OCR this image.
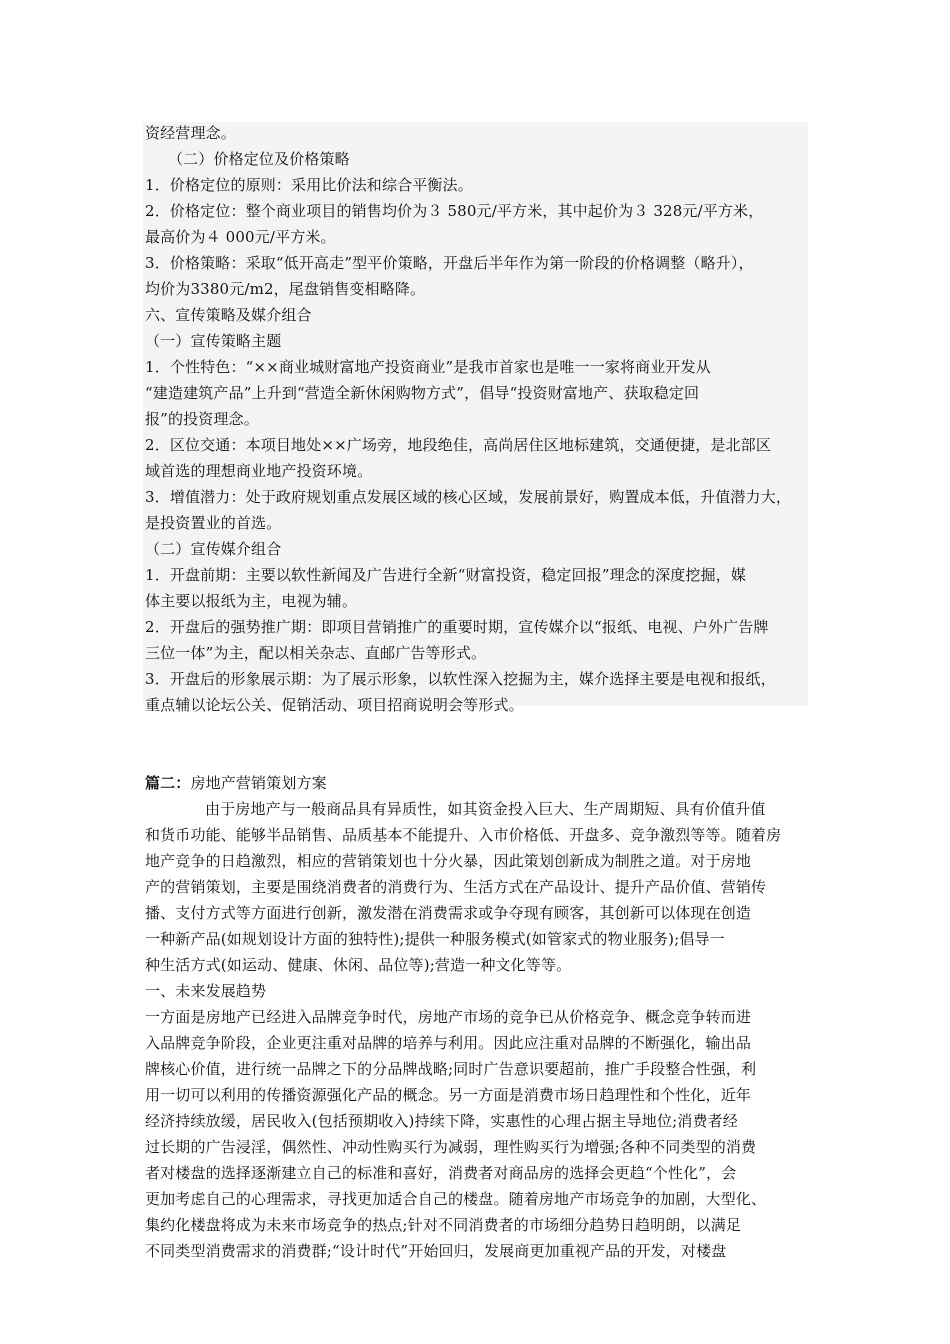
资经营理念。
（二）价格定位及价格策略
1．价格定位的原则：采用比价法和综合平衡法。
2．价格定位：整个商业项目的销售均价为３ 580元/平方米，其中起价为３ 328元/平方米，
最高价为４ 000元/平方米。
3．价格策略：采取“低开高走”型平价策略，开盘后半年作为第一阶段的价格调整（略升），
均价为3380元/m2，尾盘销售变相略降。
六、宣传策略及媒介组合
（一）宣传策略主题
1．个性特色：“××商业城财富地产投资商业”是我市首家也是唯一一家将商业开发从
“建造建筑产品”上升到“营造全新休闲购物方式”，倡导“投资财富地产、获取稳定回
报”的投资理念。
2．区位交通：本项目地处××广场旁，地段绝佳，高尚居住区地标建筑，交通便捷，是北部区
域首选的理想商业地产投资环境。
3．增值潜力：处于政府规划重点发展区域的核心区域，发展前景好，购置成本低，升值潜力大，
是投资置业的首选。
（二）宣传媒介组合
1．开盘前期：主要以软性新闻及广告进行全新“财富投资，稳定回报”理念的深度挖掘，媒
体主要以报纸为主，电视为辅。
2．开盘后的强势推广期：即项目营销推广的重要时期，宣传媒介以“报纸、电视、户外广告牌
三位一体”为主，配以相关杂志、直邮广告等形式。
3．开盘后的形象展示期：为了展示形象，以软性深入挖掘为主，媒介选择主要是电视和报纸，
重点辅以论坛公关、促销活动、项目招商说明会等形式。
篇二：房地产营销策划方案
由于房地产与一般商品具有异质性，如其资金投入巨大、生产周期短、具有价值升值
和货币功能、能够半品销售、品质基本不能提升、入市价格低、开盘多、竞争激烈等等。随着房
地产竞争的日趋激烈，相应的营销策划也十分火暴，因此策划创新成为制胜之道。对于房地
产的营销策划，主要是围绕消费者的消费行为、生活方式在产品设计、提升产品价值、营销传
播、支付方式等方面进行创新，激发潜在消费需求或争夺现有顾客，其创新可以体现在创造
一种新产品(如规划设计方面的独特性);提供一种服务模式(如管家式的物业服务);倡导一
种生活方式(如运动、健康、休闲、品位等);营造一种文化等等。
一、未来发展趋势
一方面是房地产已经进入品牌竞争时代，房地产市场的竞争已从价格竞争、概念竞争转而进
入品牌竞争阶段，企业更注重对品牌的培养与利用。因此应注重对品牌的不断强化，输出品
牌核心价值，进行统一品牌之下的分品牌战略;同时广告意识要超前，推广手段整合性强，利
用一切可以利用的传播资源强化产品的概念。另一方面是消费市场日趋理性和个性化，近年
经济持续放缓，居民收入(包括预期收入)持续下降，实惠性的心理占据主导地位;消费者经
过长期的广告浸淫，偶然性、冲动性购买行为减弱，理性购买行为增强;各种不同类型的消费
者对楼盘的选择逐渐建立自己的标准和喜好，消费者对商品房的选择会更趋“个性化”，会
更加考虑自己的心理需求，寻找更加适合自己的楼盘。随着房地产市场竞争的加剧，大型化、
集约化楼盘将成为未来市场竞争的热点;针对不同消费者的市场细分趋势日趋明朗，以满足
不同类型消费需求的消费群;“设计时代”开始回归，发展商更加重视产品的开发，对楼盘
